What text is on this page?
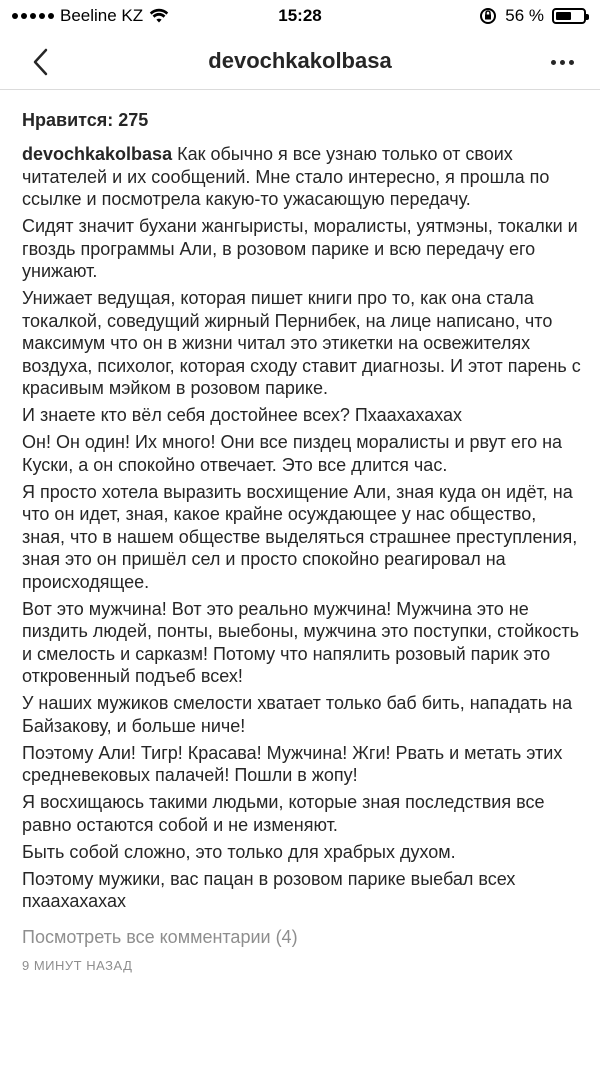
Beeline KZ	15:28	56 %
devochkakolbasa
Нравится: 275

devochkakolbasa Как обычно я все узнаю только от своих читателей и их сообщений. Мне стало интересно, я прошла по ссылке и посмотрела какую-то ужасающую передачу.

Сидят значит бухани жангыристы, моралисты, уятмэны, токалки и гвоздь программы Али, в розовом парике и всю передачу его унижают.

Унижает ведущая, которая пишет книги про то, как она стала токалкой, соведущий жирный Пернибек, на лице написано, что максимум что он в жизни читал это этикетки на освежителях воздуха, психолог, которая сходу ставит диагнозы. И этот парень с красивым мэйком в розовом парике.

И знаете кто вёл себя достойнее всех? Пхаахахахах

Он! Он один! Их много! Они все пиздец моралисты и рвут его на Куски, а он спокойно отвечает. Это все длится час.

Я просто хотела выразить восхищение Али, зная куда он идёт, на что он идет, зная, какое крайне осуждающее у нас общество, зная, что в нашем обществе выделяться страшнее преступления, зная это он пришёл сел и просто спокойно реагировал на происходящее.

Вот это мужчина! Вот это реально мужчина! Мужчина это не пиздить людей, понты, выебоны, мужчина это поступки, стойкость и смелость и сарказм! Потому что напялить розовый парик это откровенный подъеб всех!

У наших мужиков смелости хватает только баб бить, нападать на Байзакову, и больше ниче!

Поэтому Али! Тигр! Красава! Мужчина! Жги! Рвать и метать этих средневековых палачей! Пошли в жопу!

Я восхищаюсь такими людьми, которые зная последствия все равно остаются собой и не изменяют.

Быть собой сложно, это только для храбрых духом.

Поэтому мужики, вас пацан в розовом парике выебал всех пхаахахахах

Посмотреть все комментарии (4)
9 МИНУТ НАЗАД
